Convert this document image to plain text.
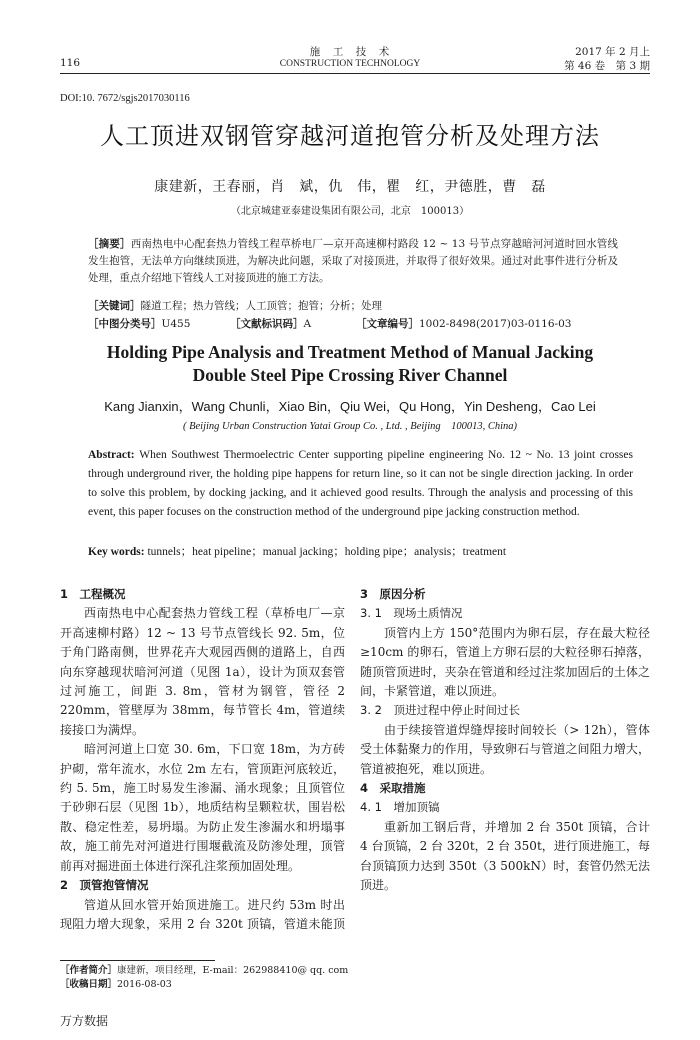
116
施　工　技　术
CONSTRUCTION TECHNOLOGY
2017 年 2 月上
第 46 卷　第 3 期
DOI:10. 7672/sgjs2017030116
人工顶进双钢管穿越河道抱管分析及处理方法
康建新，王春丽，肖　斌，仇　伟，瞿　红，尹德胜，曹　磊
（北京城建亚泰建设集团有限公司，北京　100013）
［摘要］西南热电中心配套热力管线工程草桥电厂—京开高速柳村路段 12 ~ 13 号节点穿越暗河河道时回水管线发生抱管，无法单方向继续顶进，为解决此问题，采取了对接顶进，并取得了很好效果。通过对此事件进行分析及处理，重点介绍地下管线人工对接顶进的施工方法。
［关键词］隧道工程；热力管线；人工顶管；抱管；分析；处理
［中图分类号］U455	［文献标识码］A	［文章编号］1002-8498(2017)03-0116-03
Holding Pipe Analysis and Treatment Method of Manual Jacking
Double Steel Pipe Crossing River Channel
Kang Jianxin，Wang Chunli，Xiao Bin，Qiu Wei，Qu Hong，Yin Desheng，Cao Lei
( Beijing Urban Construction Yatai Group Co. , Ltd. , Beijing　100013, China)
Abstract: When Southwest Thermoelectric Center supporting pipeline engineering No. 12 ~ No. 13 joint crosses through underground river, the holding pipe happens for return line, so it can not be single direction jacking. In order to solve this problem, by docking jacking, and it achieved good results. Through the analysis and processing of this event, this paper focuses on the construction method of the underground pipe jacking construction method.
Key words: tunnels；heat pipeline；manual jacking；holding pipe；analysis；treatment

1　工程概况

西南热电中心配套热力管线工程（草桥电厂—京开高速柳村路）12 ~ 13 号节点管线长 92. 5m，位于角门路南侧，世界花卉大观园西侧的道路上，自西向东穿越现状暗河河道（见图 1a），设计为顶双套管过河施工，间距 3. 8m，管材为钢管，管径 2 220mm，管壁厚为 38mm，每节管长 4m，管道续接接口为满焊。

暗河河道上口宽 30. 6m，下口宽 18m，为方砖护砌，常年流水，水位 2m 左右，管顶距河底较近，约 5. 5m，施工时易发生渗漏、涌水现象；且顶管位于砂卵石层（见图 1b），地质结构呈颗粒状，围岩松散、稳定性差，易坍塌。为防止发生渗漏水和坍塌事故，施工前先对河道进行围堰截流及防渗处理，顶管前再对掘进面土体进行深孔注浆预加固处理。

2　顶管抱管情况

管道从回水管开始顶进施工。进尺约 53m 时出现阻力增大现象，采用 2 台 320t 顶镐，管道未能顶

3　原因分析

3. 1　现场土质情况

顶管内上方 150°范围内为卵石层，存在最大粒径≥10cm 的卵石，管道上方卵石层的大粒径卵石掉落，随顶管顶进时，夹杂在管道和经过注浆加固后的土体之间，卡紧管道，难以顶进。

3. 2　顶进过程中停止时间过长

由于续接管道焊缝焊接时间较长（> 12h），管体受土体黏聚力的作用，导致卵石与管道之间阻力增大，管道被抱死，难以顶进。

4　采取措施

4. 1　增加顶镐

重新加工钢后背，并增加 2 台 350t 顶镐，合计 4 台顶镐，2 台 320t，2 台 350t，进行顶进施工，每台顶镐顶力达到 350t（3 500kN）时，套管仍然无法顶进。

［作者简介］康建新，项目经理，E-mail：262988410@ qq. com
［收稿日期］2016-08-03
万方数据
